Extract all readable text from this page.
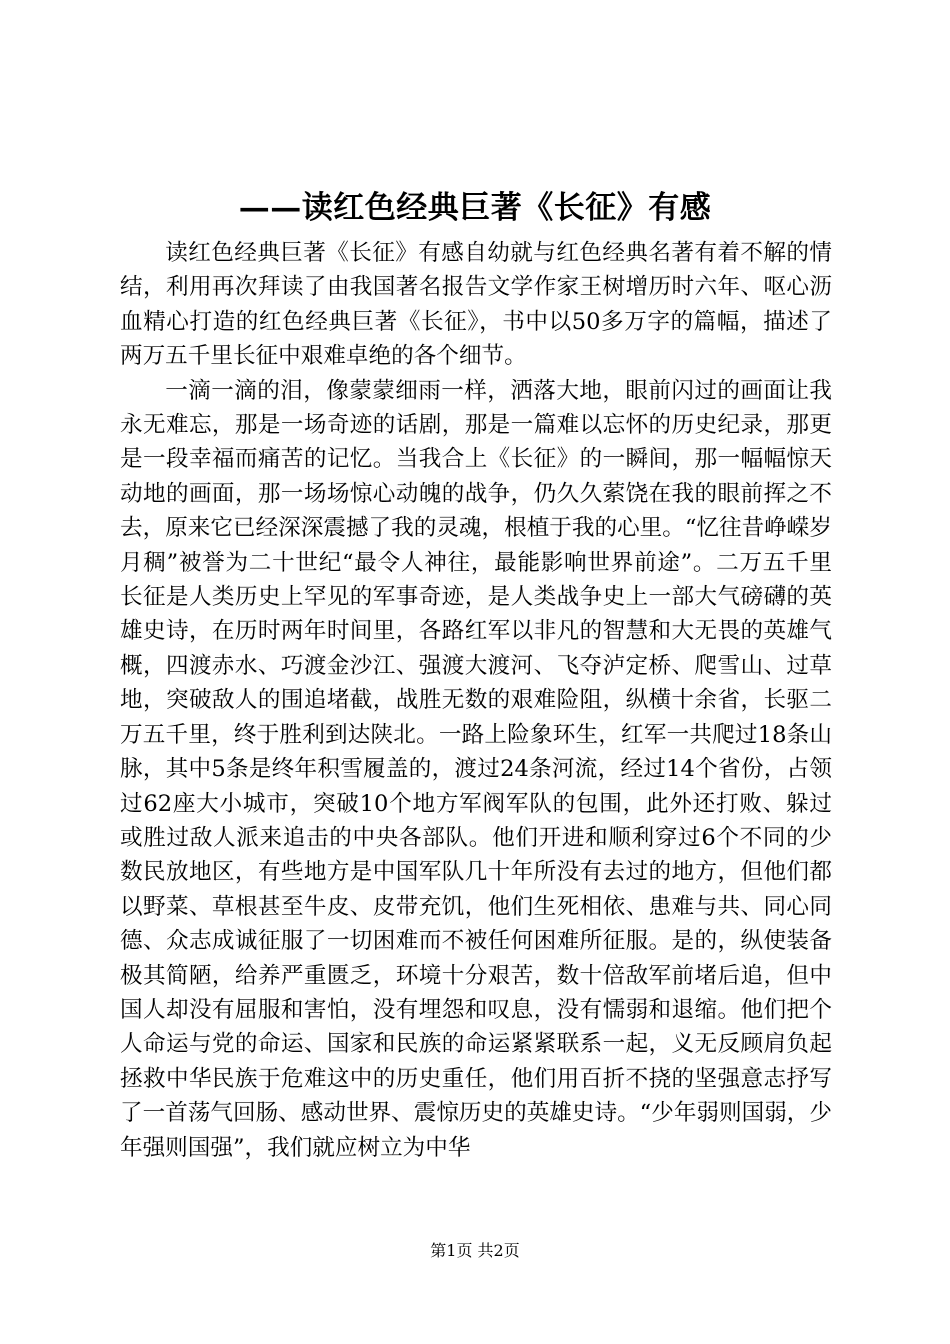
——读红色经典巨著《长征》有感

读红色经典巨著《长征》有感自幼就与红色经典名著有着不解的情结，利用再次拜读了由我国著名报告文学作家王树增历时六年、呕心沥血精心打造的红色经典巨著《长征》，书中以50多万字的篇幅，描述了两万五千里长征中艰难卓绝的各个细节。

一滴一滴的泪，像蒙蒙细雨一样，洒落大地，眼前闪过的画面让我永无难忘，那是一场奇迹的话剧，那是一篇难以忘怀的历史纪录，那更是一段幸福而痛苦的记忆。当我合上《长征》的一瞬间，那一幅幅惊天动地的画面，那一场场惊心动魄的战争，仍久久萦饶在我的眼前挥之不去，原来它已经深深震撼了我的灵魂，根植于我的心里。“忆往昔峥嵘岁月稠”被誉为二十世纪“最令人神往，最能影响世界前途”。二万五千里长征是人类历史上罕见的军事奇迹，是人类战争史上一部大气磅礴的英雄史诗，在历时两年时间里，各路红军以非凡的智慧和大无畏的英雄气概，四渡赤水、巧渡金沙江、强渡大渡河、飞夺泸定桥、爬雪山、过草地，突破敌人的围追堵截，战胜无数的艰难险阻，纵横十余省，长驱二万五千里，终于胜利到达陕北。一路上险象环生，红军一共爬过18条山脉，其中5条是终年积雪履盖的，渡过24条河流，经过14个省份，占领过62座大小城市，突破10个地方军阀军队的包围，此外还打败、躲过或胜过敌人派来追击的中央各部队。他们开进和顺利穿过6个不同的少数民放地区，有些地方是中国军队几十年所没有去过的地方，但他们都以野菜、草根甚至牛皮、皮带充饥，他们生死相依、患难与共、同心同德、众志成诚征服了一切困难而不被任何困难所征服。是的，纵使装备极其简陋，给养严重匮乏，环境十分艰苦，数十倍敌军前堵后追，但中国人却没有屈服和害怕，没有埋怨和叹息，没有懦弱和退缩。他们把个人命运与党的命运、国家和民族的命运紧紧联系一起，义无反顾肩负起拯救中华民族于危难这中的历史重任，他们用百折不挠的坚强意志抒写了一首荡气回肠、感动世界、震惊历史的英雄史诗。“少年弱则国弱，少年强则国强”，我们就应树立为中华

第1页 共2页
